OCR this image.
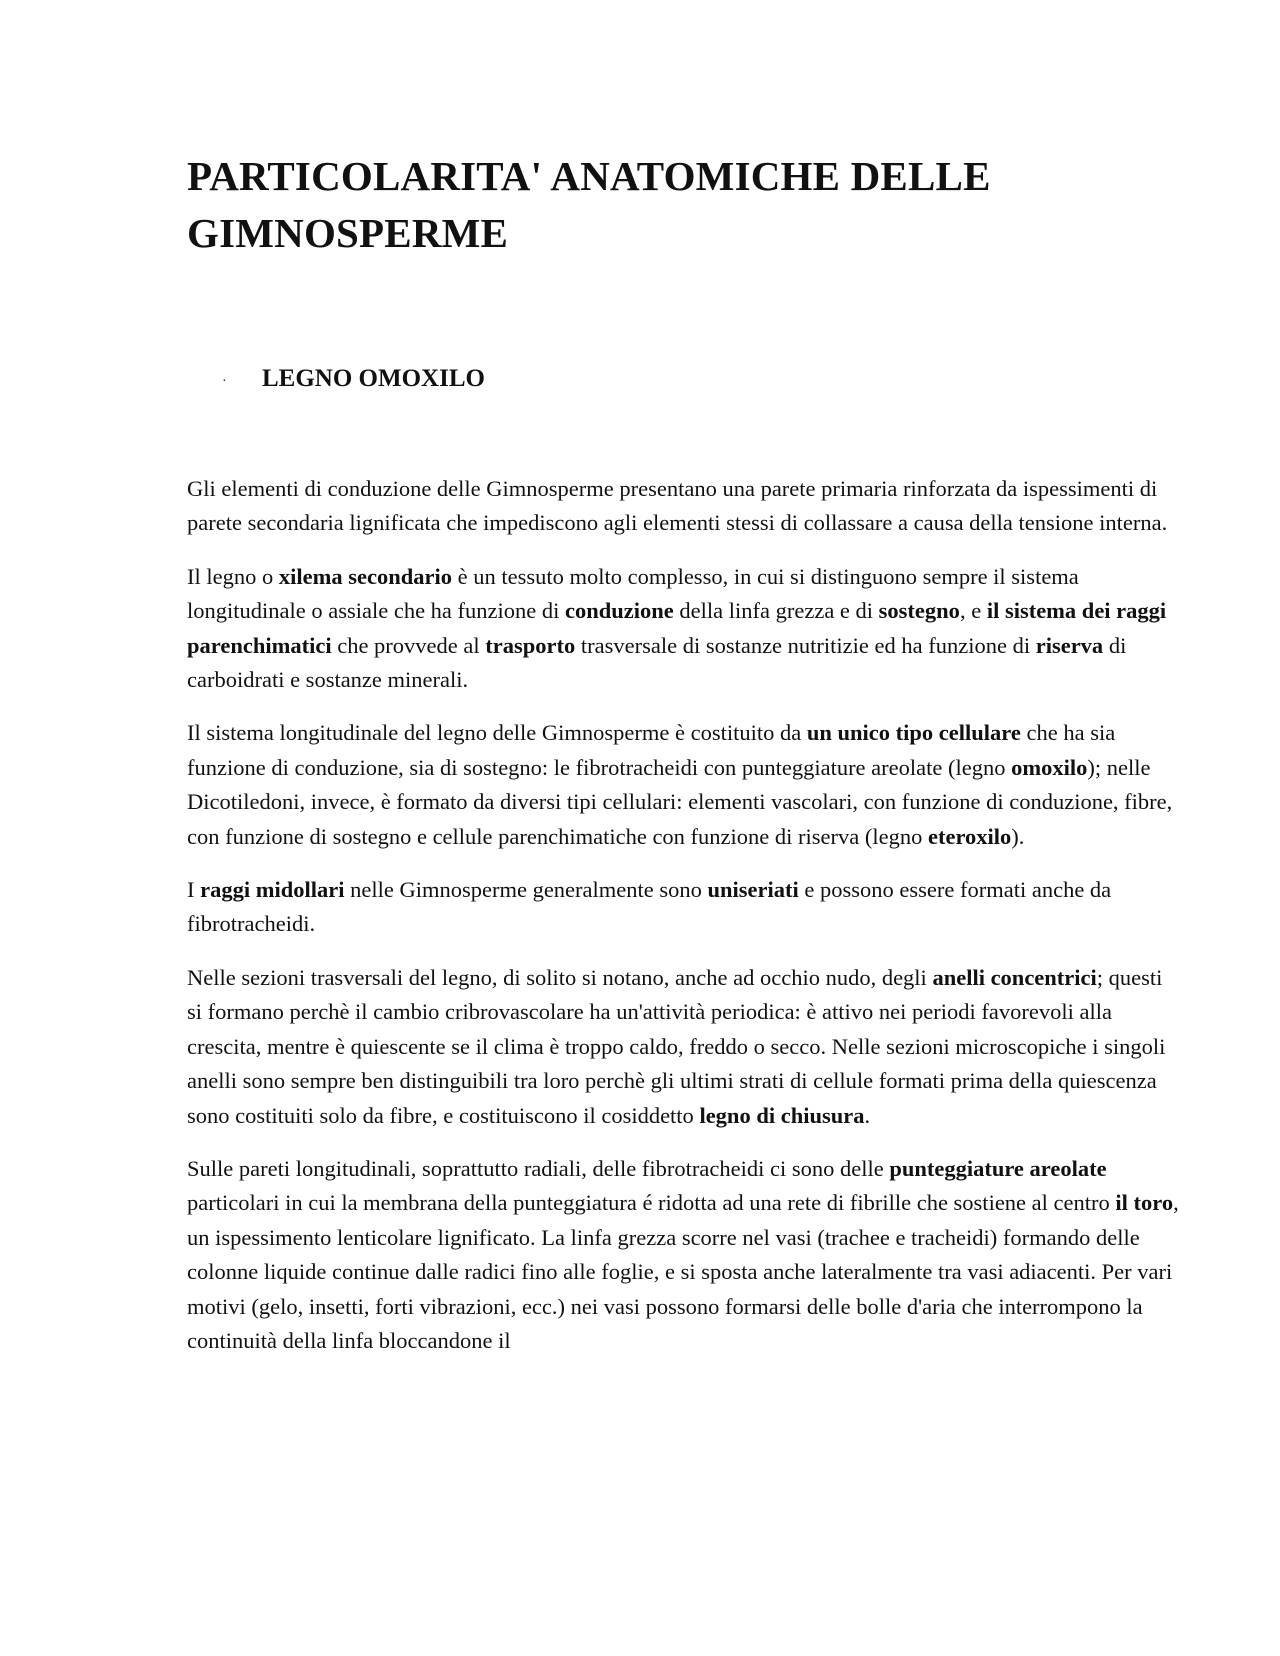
PARTICOLARITA' ANATOMICHE DELLE GIMNOSPERME
·	LEGNO OMOXILO

Gli elementi di conduzione delle Gimnosperme presentano una parete primaria rinforzata da ispessimenti di parete secondaria lignificata che impediscono agli elementi stessi di collassare a causa della tensione interna.

Il legno o xilema secondario è un tessuto molto complesso, in cui si distinguono sempre il sistema longitudinale o assiale che ha funzione di conduzione della linfa grezza e di sostegno, e il sistema dei raggi parenchimatici che provvede al trasporto trasversale di sostanze nutritizie ed ha funzione di riserva di carboidrati e sostanze minerali.

Il sistema longitudinale del legno delle Gimnosperme è costituito da un unico tipo cellulare che ha sia funzione di conduzione, sia di sostegno: le fibrotracheidi con punteggiature areolate (legno omoxilo); nelle Dicotiledoni, invece, è formato da diversi tipi cellulari: elementi vascolari, con funzione di conduzione, fibre, con funzione di sostegno e cellule parenchimatiche con funzione di riserva (legno eteroxilo).

I raggi midollari nelle Gimnosperme generalmente sono uniseriati e possono essere formati anche da fibrotracheidi.

Nelle sezioni trasversali del legno, di solito si notano, anche ad occhio nudo, degli anelli concentrici; questi si formano perchè il cambio cribrovascolare ha un'attività periodica: è attivo nei periodi favorevoli alla crescita, mentre è quiescente se il clima è troppo caldo, freddo o secco. Nelle sezioni microscopiche i singoli anelli sono sempre ben distinguibili tra loro perchè gli ultimi strati di cellule formati prima della quiescenza sono costituiti solo da fibre, e costituiscono il cosiddetto legno di chiusura.

Sulle pareti longitudinali, soprattutto radiali, delle fibrotracheidi ci sono delle punteggiature areolate particolari in cui la membrana della punteggiatura é ridotta ad una rete di fibrille che sostiene al centro il toro, un ispessimento lenticolare lignificato. La linfa grezza scorre nel vasi (trachee e tracheidi) formando delle colonne liquide continue dalle radici fino alle foglie, e si sposta anche lateralmente tra vasi adiacenti. Per vari motivi (gelo, insetti, forti vibrazioni, ecc.) nei vasi possono formarsi delle bolle d'aria che interrompono la continuità della linfa bloccandone il
